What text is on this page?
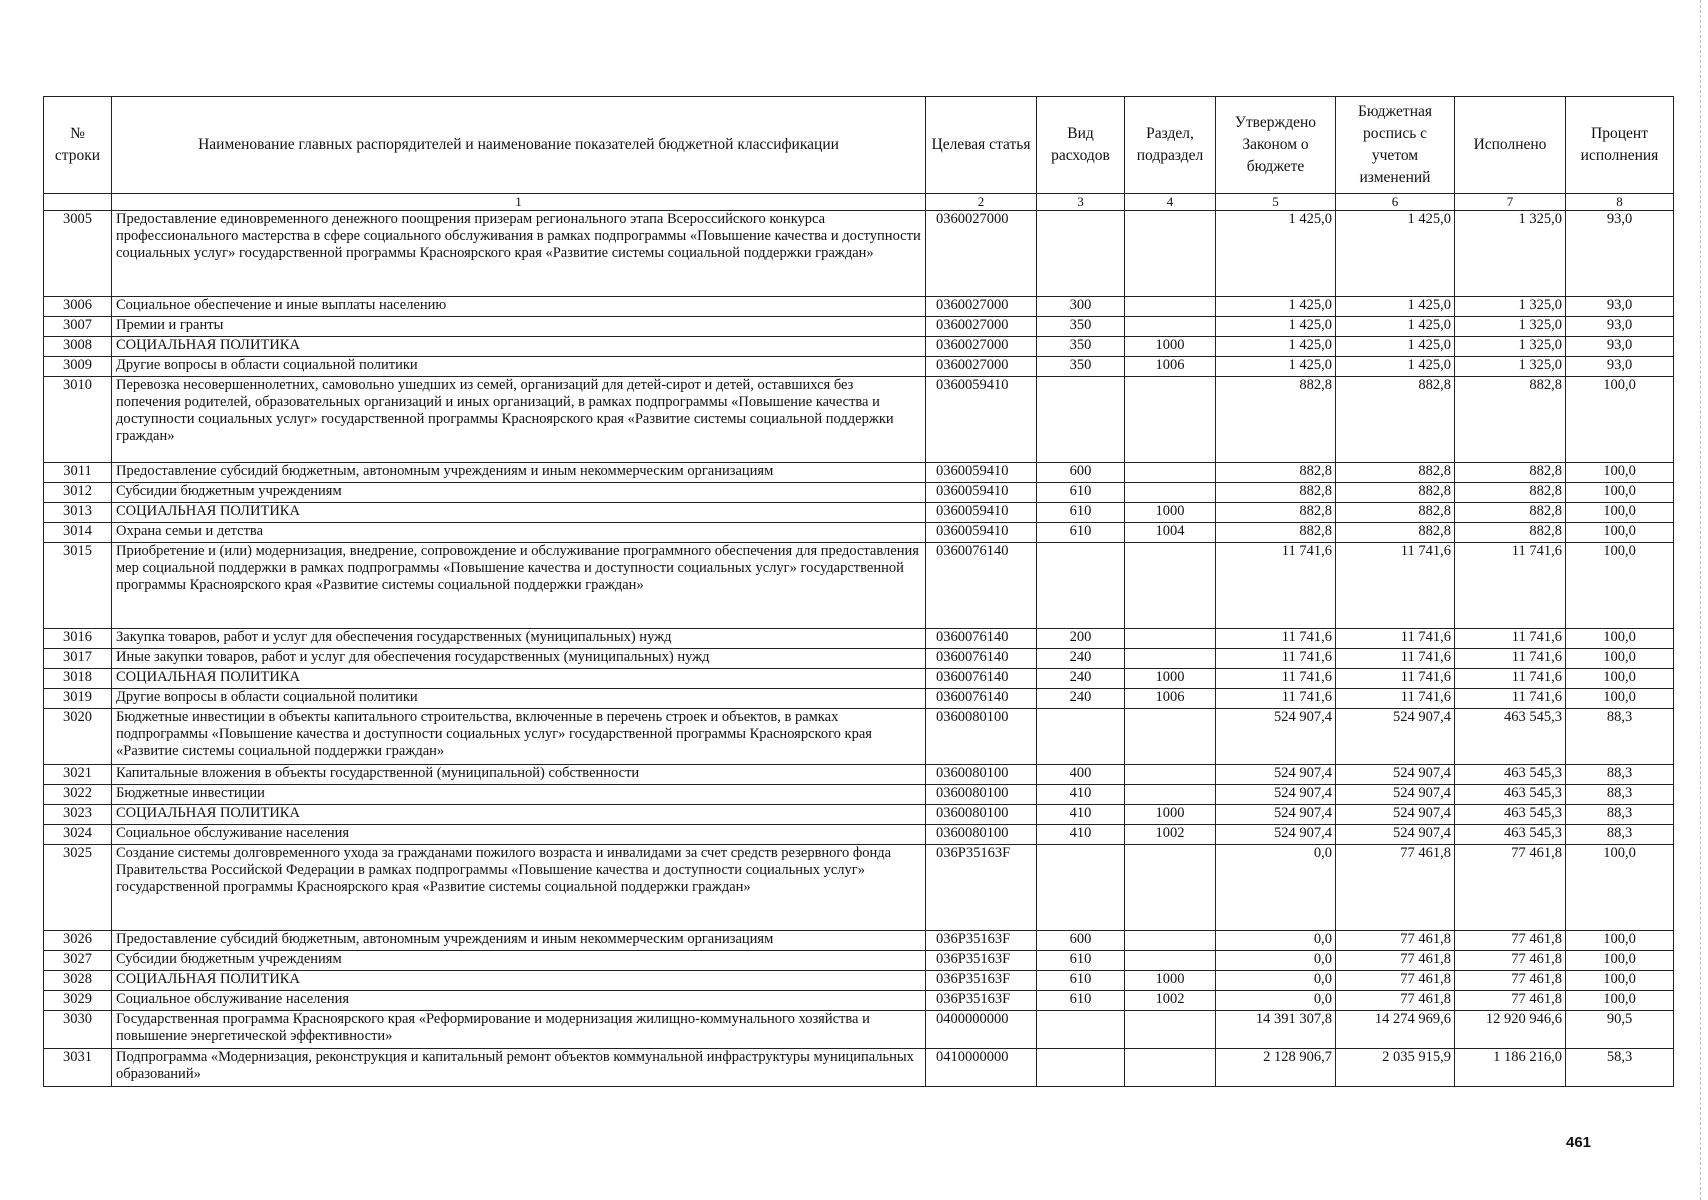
№ строки	Наименование главных распорядителей и наименование показателей бюджетной классификации	Целевая статья	Вид расходов	Раздел, подраздел	Утверждено Законом о бюджете	Бюджетная роспись с учетом изменений	Исполнено	Процент исполнения
	1	2	3	4	5	6	7	8
3005	Предоставление единовременного денежного поощрения призерам регионального этапа Всероссийского конкурса профессионального мастерства в сфере социального обслуживания в рамках подпрограммы «Повышение качества и доступности социальных услуг» государственной программы Красноярского края «Развитие системы социальной поддержки граждан»	0360027000			1 425,0	1 425,0	1 325,0	93,0
3006	Социальное обеспечение и иные выплаты населению	0360027000	300		1 425,0	1 425,0	1 325,0	93,0
3007	Премии и гранты	0360027000	350		1 425,0	1 425,0	1 325,0	93,0
3008	СОЦИАЛЬНАЯ ПОЛИТИКА	0360027000	350	1000	1 425,0	1 425,0	1 325,0	93,0
3009	Другие вопросы в области социальной политики	0360027000	350	1006	1 425,0	1 425,0	1 325,0	93,0
3010	Перевозка несовершеннолетних, самовольно ушедших из семей, организаций для детей-сирот и детей, оставшихся без попечения родителей, образовательных организаций и иных организаций, в рамках подпрограммы «Повышение качества и доступности социальных услуг» государственной программы Красноярского края «Развитие системы социальной поддержки граждан»	0360059410			882,8	882,8	882,8	100,0
3011	Предоставление субсидий бюджетным, автономным учреждениям и иным некоммерческим организациям	0360059410	600		882,8	882,8	882,8	100,0
3012	Субсидии бюджетным учреждениям	0360059410	610		882,8	882,8	882,8	100,0
3013	СОЦИАЛЬНАЯ ПОЛИТИКА	0360059410	610	1000	882,8	882,8	882,8	100,0
3014	Охрана семьи и детства	0360059410	610	1004	882,8	882,8	882,8	100,0
3015	Приобретение и (или) модернизация, внедрение, сопровождение и обслуживание программного обеспечения для предоставления мер социальной поддержки в рамках подпрограммы «Повышение качества и доступности социальных услуг» государственной программы Красноярского края «Развитие системы социальной поддержки граждан»	0360076140			11 741,6	11 741,6	11 741,6	100,0
3016	Закупка товаров, работ и услуг для обеспечения государственных (муниципальных) нужд	0360076140	200		11 741,6	11 741,6	11 741,6	100,0
3017	Иные закупки товаров, работ и услуг для обеспечения государственных (муниципальных) нужд	0360076140	240		11 741,6	11 741,6	11 741,6	100,0
3018	СОЦИАЛЬНАЯ ПОЛИТИКА	0360076140	240	1000	11 741,6	11 741,6	11 741,6	100,0
3019	Другие вопросы в области социальной политики	0360076140	240	1006	11 741,6	11 741,6	11 741,6	100,0
3020	Бюджетные инвестиции в объекты капитального строительства, включенные в перечень строек и объектов, в рамках подпрограммы «Повышение качества и доступности социальных услуг» государственной программы Красноярского края «Развитие системы социальной поддержки граждан»	0360080100			524 907,4	524 907,4	463 545,3	88,3
3021	Капитальные вложения в объекты государственной (муниципальной) собственности	0360080100	400		524 907,4	524 907,4	463 545,3	88,3
3022	Бюджетные инвестиции	0360080100	410		524 907,4	524 907,4	463 545,3	88,3
3023	СОЦИАЛЬНАЯ ПОЛИТИКА	0360080100	410	1000	524 907,4	524 907,4	463 545,3	88,3
3024	Социальное обслуживание населения	0360080100	410	1002	524 907,4	524 907,4	463 545,3	88,3
3025	Создание системы долговременного ухода за гражданами пожилого возраста и инвалидами за счет средств резервного фонда Правительства Российской Федерации в рамках подпрограммы «Повышение качества и доступности социальных услуг» государственной программы Красноярского края «Развитие системы социальной поддержки граждан»	036P35163F			0,0	77 461,8	77 461,8	100,0
3026	Предоставление субсидий бюджетным, автономным учреждениям и иным некоммерческим организациям	036P35163F	600		0,0	77 461,8	77 461,8	100,0
3027	Субсидии бюджетным учреждениям	036P35163F	610		0,0	77 461,8	77 461,8	100,0
3028	СОЦИАЛЬНАЯ ПОЛИТИКА	036P35163F	610	1000	0,0	77 461,8	77 461,8	100,0
3029	Социальное обслуживание населения	036P35163F	610	1002	0,0	77 461,8	77 461,8	100,0
3030	Государственная программа Красноярского края «Реформирование и модернизация жилищно-коммунального хозяйства и повышение энергетической эффективности»	0400000000			14 391 307,8	14 274 969,6	12 920 946,6	90,5
3031	Подпрограмма «Модернизация, реконструкция и капитальный ремонт объектов коммунальной инфраструктуры муниципальных образований»	0410000000			2 128 906,7	2 035 915,9	1 186 216,0	58,3
461
